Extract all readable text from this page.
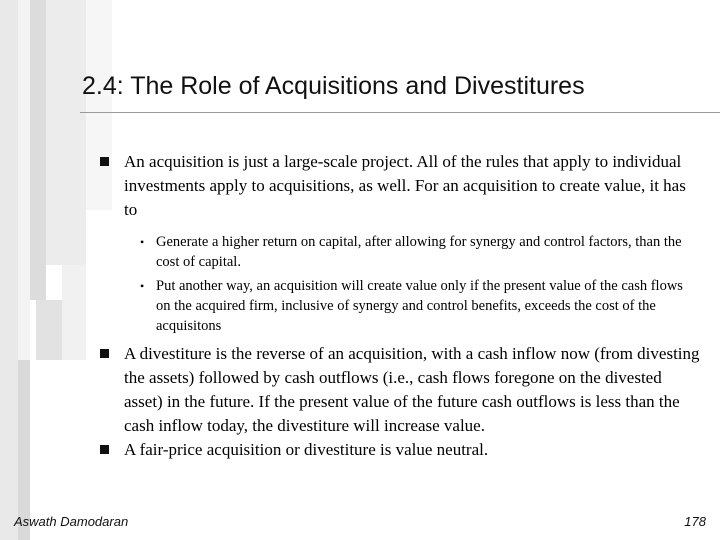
2.4: The Role of Acquisitions and Divestitures
An acquisition is just a large-scale project. All of the rules that apply to individual investments apply to acquisitions, as well. For an acquisition to create value, it has to
• Generate a higher return on capital, after allowing for synergy and control factors, than the cost of capital.
• Put another way, an acquisition will create value only if the present value of the cash flows on the acquired firm, inclusive of synergy and control benefits, exceeds the cost of the acquisitons
A divestiture is the reverse of an acquisition, with a cash inflow now (from divesting the assets) followed by cash outflows (i.e., cash flows foregone on the divested asset) in the future. If the present value of the future cash outflows is less than the cash inflow today, the divestiture will increase value.
A fair-price acquisition or divestiture is value neutral.
Aswath Damodaran	178
